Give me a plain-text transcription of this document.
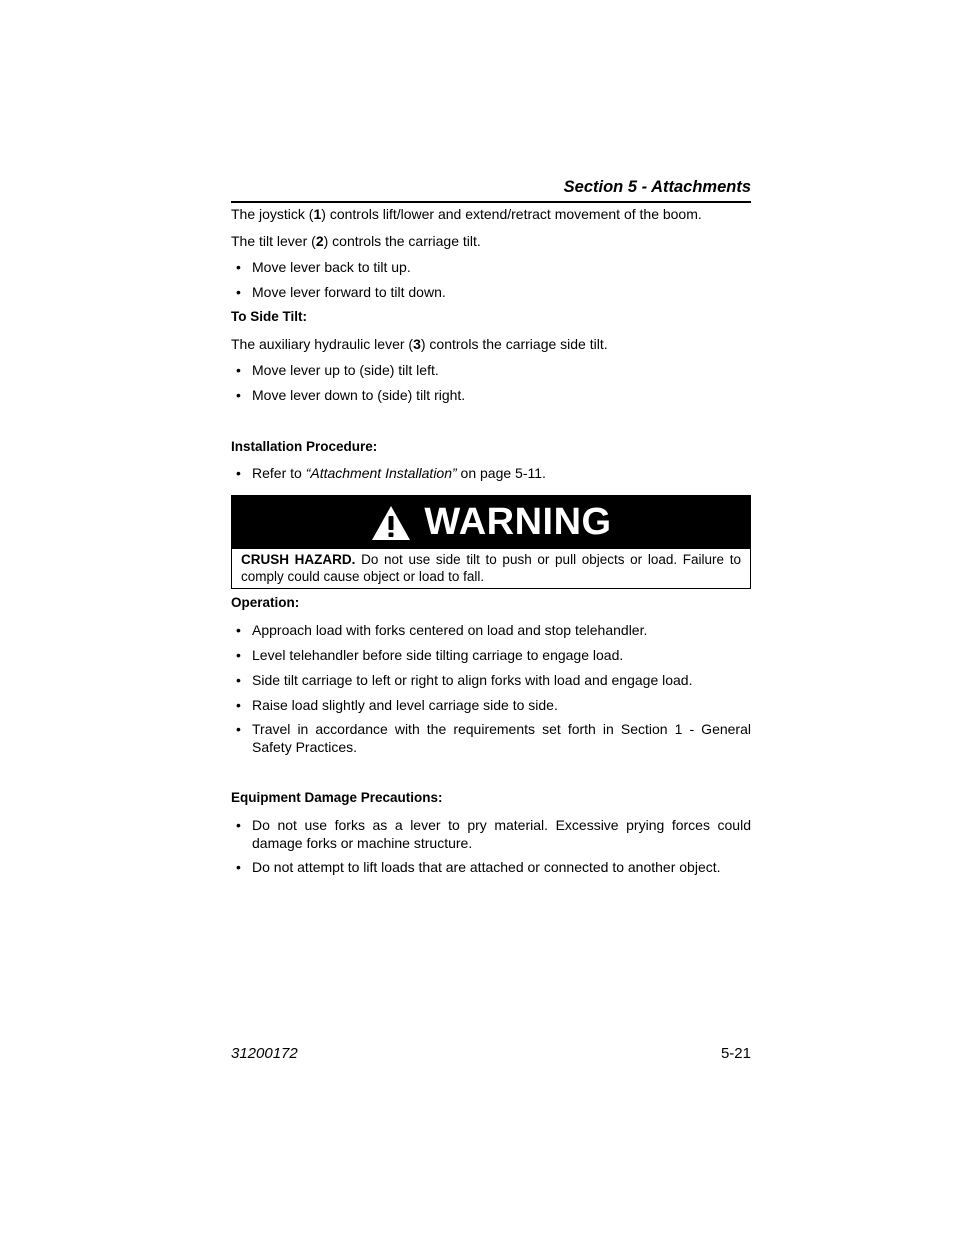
Section 5 - Attachments
The joystick (1) controls lift/lower and extend/retract movement of the boom.
The tilt lever (2) controls the carriage tilt.
• Move lever back to tilt up.
• Move lever forward to tilt down.
To Side Tilt:
The auxiliary hydraulic lever (3) controls the carriage side tilt.
• Move lever up to (side) tilt left.
• Move lever down to (side) tilt right.
Installation Procedure:
• Refer to “Attachment Installation” on page 5-11.
WARNING
CRUSH HAZARD. Do not use side tilt to push or pull objects or load. Failure to comply could cause object or load to fall.
Operation:
• Approach load with forks centered on load and stop telehandler.
• Level telehandler before side tilting carriage to engage load.
• Side tilt carriage to left or right to align forks with load and engage load.
• Raise load slightly and level carriage side to side.
• Travel in accordance with the requirements set forth in Section 1 - General Safety Practices.
Equipment Damage Precautions:
• Do not use forks as a lever to pry material. Excessive prying forces could damage forks or machine structure.
• Do not attempt to lift loads that are attached or connected to another object.
31200172	5-21
